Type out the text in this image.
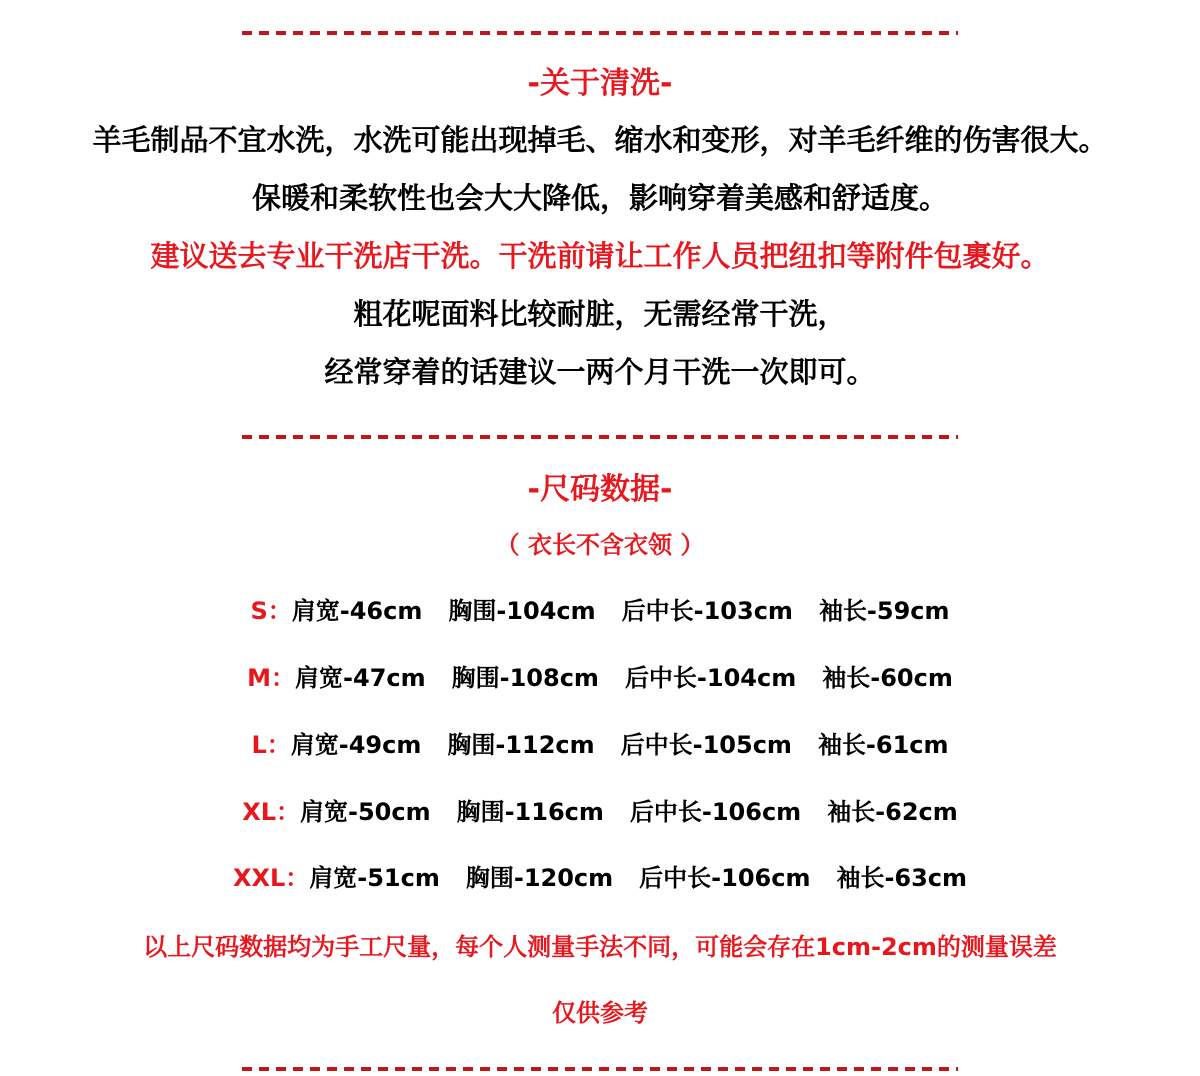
-关于清洗-
羊毛制品不宜水洗，水洗可能出现掉毛、缩水和变形，对羊毛纤维的伤害很大。
保暖和柔软性也会大大降低，影响穿着美感和舒适度。
建议送去专业干洗店干洗。干洗前请让工作人员把纽扣等附件包裹好。
粗花呢面料比较耐脏，无需经常干洗，
经常穿着的话建议一两个月干洗一次即可。
-尺码数据-
（ 衣长不含衣领 ）
S：肩宽-46cm 胸围-104cm 后中长-103cm 袖长-59cm
M：肩宽-47cm 胸围-108cm 后中长-104cm 袖长-60cm
L：肩宽-49cm 胸围-112cm 后中长-105cm 袖长-61cm
XL：肩宽-50cm 胸围-116cm 后中长-106cm 袖长-62cm
XXL：肩宽-51cm 胸围-120cm 后中长-106cm 袖长-63cm
以上尺码数据均为手工尺量，每个人测量手法不同，可能会存在1cm-2cm的测量误差
仅供参考
